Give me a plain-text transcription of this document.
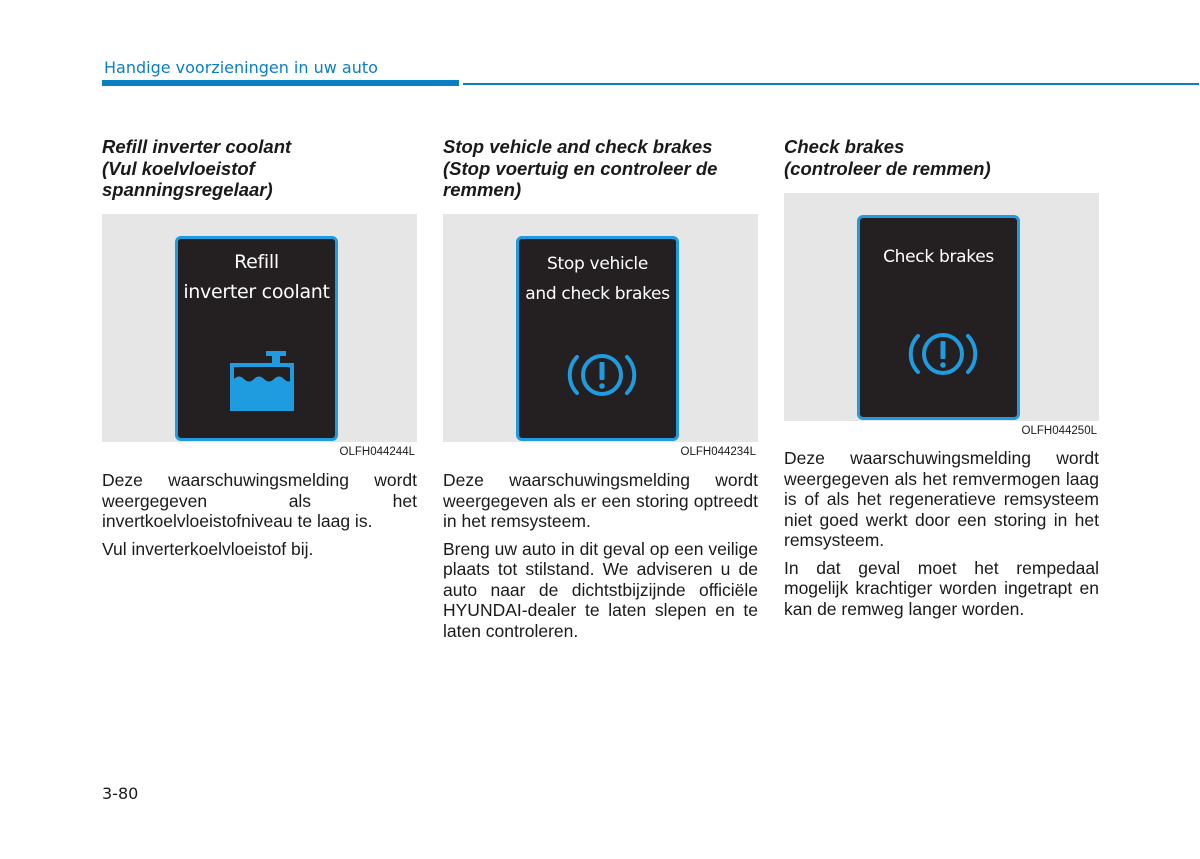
Handige voorzieningen in uw auto
Refill inverter coolant
(Vul koelvloeistof
spanningsregelaar)
Refill
inverter coolant
OLFH044244L

Deze waarschuwingsmelding wordt weergegeven als het invertkoelvloeistofniveau te laag is.

Vul inverterkoelvloeistof bij.

Stop vehicle and check brakes
(Stop voertuig en controleer de
remmen)
Stop vehicle
and check brakes
OLFH044234L

Deze waarschuwingsmelding wordt weergegeven als er een storing optreedt in het remsysteem.

Breng uw auto in dit geval op een veilige plaats tot stilstand. We adviseren u de auto naar de dichtstbijzijnde officiële HYUNDAI-dealer te laten slepen en te laten controleren.

Check brakes
(controleer de remmen)
Check brakes
OLFH044250L

Deze waarschuwingsmelding wordt weergegeven als het remvermogen laag is of als het regeneratieve remsysteem niet goed werkt door een storing in het remsysteem.

In dat geval moet het rempedaal mogelijk krachtiger worden ingetrapt en kan de remweg langer worden.

3-80
